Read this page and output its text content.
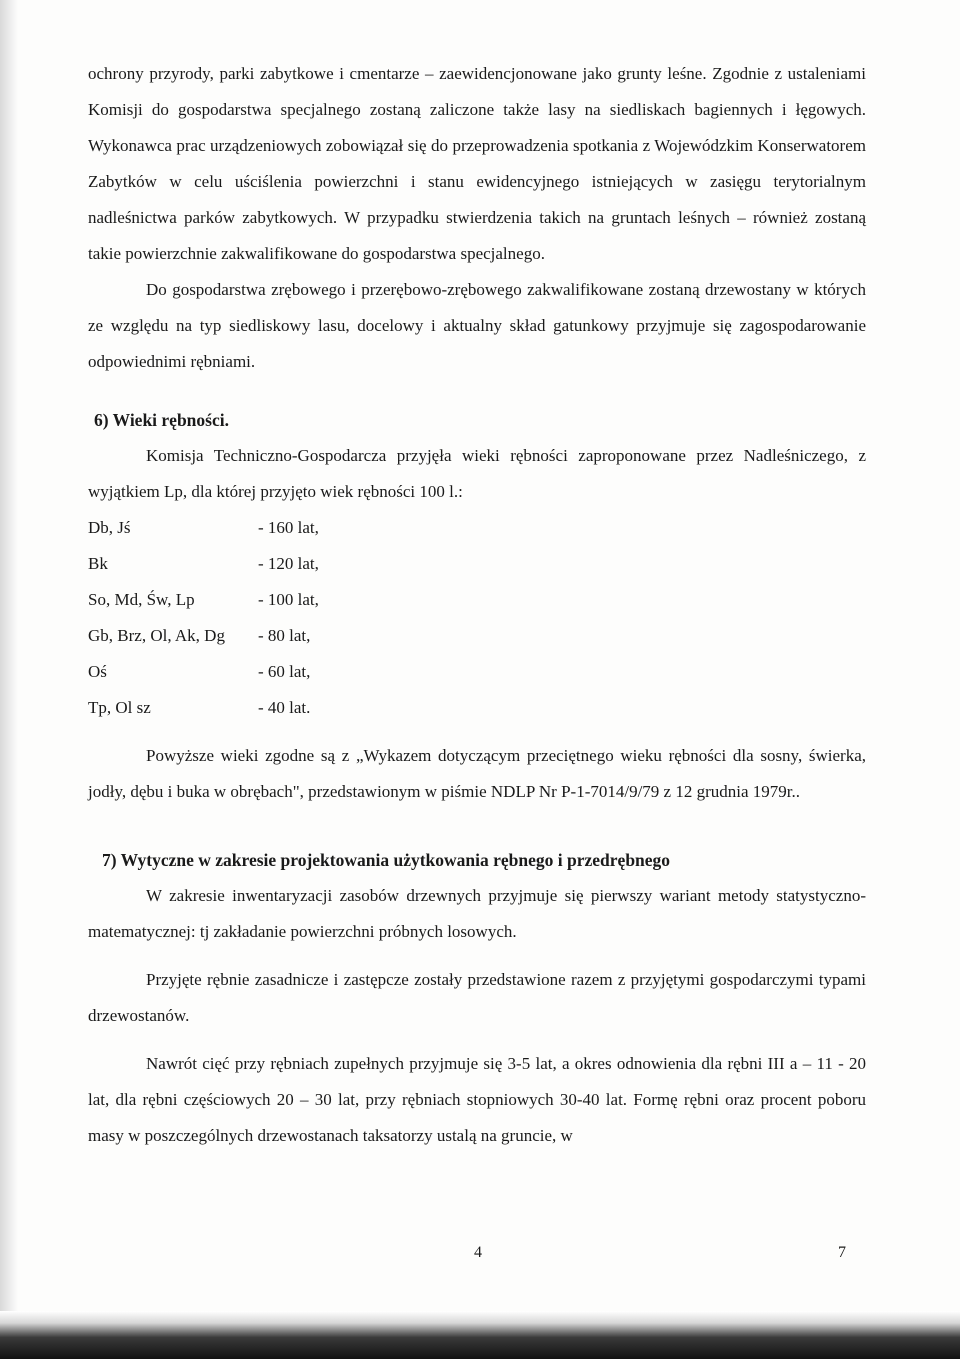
ochrony przyrody, parki zabytkowe i cmentarze – zaewidencjonowane jako grunty leśne. Zgodnie z ustaleniami Komisji do gospodarstwa specjalnego zostaną zaliczone także lasy na siedliskach bagiennych i łęgowych. Wykonawca prac urządzeniowych zobowiązał się do przeprowadzenia spotkania z Wojewódzkim Konserwatorem Zabytków w celu uściślenia powierzchni i stanu ewidencyjnego istniejących w zasięgu terytorialnym nadleśnictwa parków zabytkowych. W przypadku stwierdzenia takich na gruntach leśnych – również zostaną takie powierzchnie zakwalifikowane do gospodarstwa specjalnego.

Do gospodarstwa zrębowego i przerębowo-zrębowego zakwalifikowane zostaną drzewostany w których ze względu na typ siedliskowy lasu, docelowy i aktualny skład gatunkowy przyjmuje się zagospodarowanie odpowiednimi rębniami.

6) Wieki rębności.

Komisja Techniczno-Gospodarcza przyjęła wieki rębności zaproponowane przez Nadleśniczego, z wyjątkiem Lp, dla której przyjęto wiek rębności 100 l.:

Db, Jś	- 160 lat,
Bk	- 120 lat,
So, Md, Św, Lp	- 100 lat,
Gb, Brz, Ol, Ak, Dg	- 80 lat,
Oś	- 60 lat,
Tp, Ol sz	- 40 lat.

Powyższe wieki zgodne są z „Wykazem dotyczącym przeciętnego wieku rębności dla sosny, świerka, jodły, dębu i buka w obrębach", przedstawionym w piśmie NDLP Nr P-1-7014/9/79 z 12 grudnia 1979r..

7) Wytyczne w zakresie projektowania użytkowania rębnego i przedrębnego

W zakresie inwentaryzacji zasobów drzewnych przyjmuje się pierwszy wariant metody statystyczno-matematycznej: tj zakładanie powierzchni próbnych losowych.

Przyjęte rębnie zasadnicze i zastępcze zostały przedstawione razem z przyjętymi gospodarczymi typami drzewostanów.

Nawrót cięć przy rębniach zupełnych przyjmuje się 3-5 lat, a okres odnowienia dla rębni III a – 11 - 20 lat, dla rębni częściowych 20 – 30 lat, przy rębniach stopniowych 30-40 lat. Formę rębni oraz procent poboru masy w poszczególnych drzewostanach taksatorzy ustalą na gruncie, w

4	7
